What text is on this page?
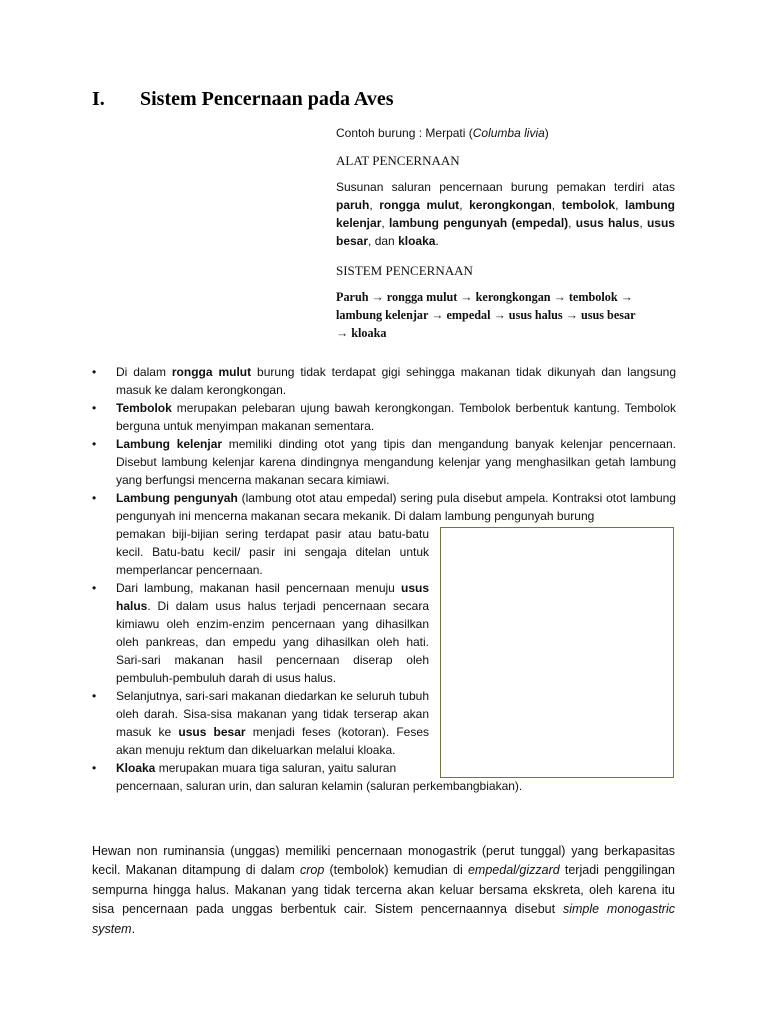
I. Sistem Pencernaan pada Aves

Contoh burung : Merpati (Columba livia)

ALAT PENCERNAAN

Susunan saluran pencernaan burung pemakan terdiri atas paruh, rongga mulut, kerongkongan, tembolok, lambung kelenjar, lambung pengunyah (empedal), usus halus, usus besar, dan kloaka.

SISTEM PENCERNAAN

Paruh → rongga mulut → kerongkongan → tembolok → lambung kelenjar → empedal → usus halus → usus besar
→ kloaka

• Di dalam rongga mulut burung tidak terdapat gigi sehingga makanan tidak dikunyah dan langsung masuk ke dalam kerongkongan.

• Tembolok merupakan pelebaran ujung bawah kerongkongan. Tembolok berbentuk kantung. Tembolok berguna untuk menyimpan makanan sementara.

• Lambung kelenjar memiliki dinding otot yang tipis dan mengandung banyak kelenjar pencernaan. Disebut lambung kelenjar karena dindingnya mengandung kelenjar yang menghasilkan getah lambung yang berfungsi mencerna makanan secara kimiawi.

• Lambung pengunyah (lambung otot atau empedal) sering pula disebut ampela. Kontraksi otot lambung pengunyah ini mencerna makanan secara mekanik. Di dalam lambung pengunyah burung
pemakan biji-bijian sering terdapat pasir atau batu-batu kecil. Batu-batu kecil/ pasir ini sengaja ditelan untuk memperlancar pencernaan.
• Dari lambung, makanan hasil pencernaan menuju usus halus. Di dalam usus halus terjadi pencernaan secara kimiawu oleh enzim-enzim pencernaan yang dihasilkan oleh pankreas, dan empedu yang dihasilkan oleh hati. Sari-sari makanan hasil pencernaan diserap oleh pembuluh-pembuluh darah di usus halus.
• Selanjutnya, sari-sari makanan diedarkan ke seluruh tubuh oleh darah. Sisa-sisa makanan yang tidak terserap akan masuk ke usus besar menjadi feses (kotoran). Feses akan menuju rektum dan dikeluarkan melalui kloaka.
• Kloaka merupakan muara tiga saluran, yaitu saluran
pencernaan, saluran urin, dan saluran kelamin (saluran perkembangbiakan).

Hewan non ruminansia (unggas) memiliki pencernaan monogastrik (perut tunggal) yang berkapasitas kecil. Makanan ditampung di dalam crop (tembolok) kemudian di empedal/gizzard terjadi penggilingan sempurna hingga halus. Makanan yang tidak tercerna akan keluar bersama ekskreta, oleh karena itu sisa pencernaan pada unggas berbentuk cair. Sistem pencernaannya disebut simple monogastric system.
